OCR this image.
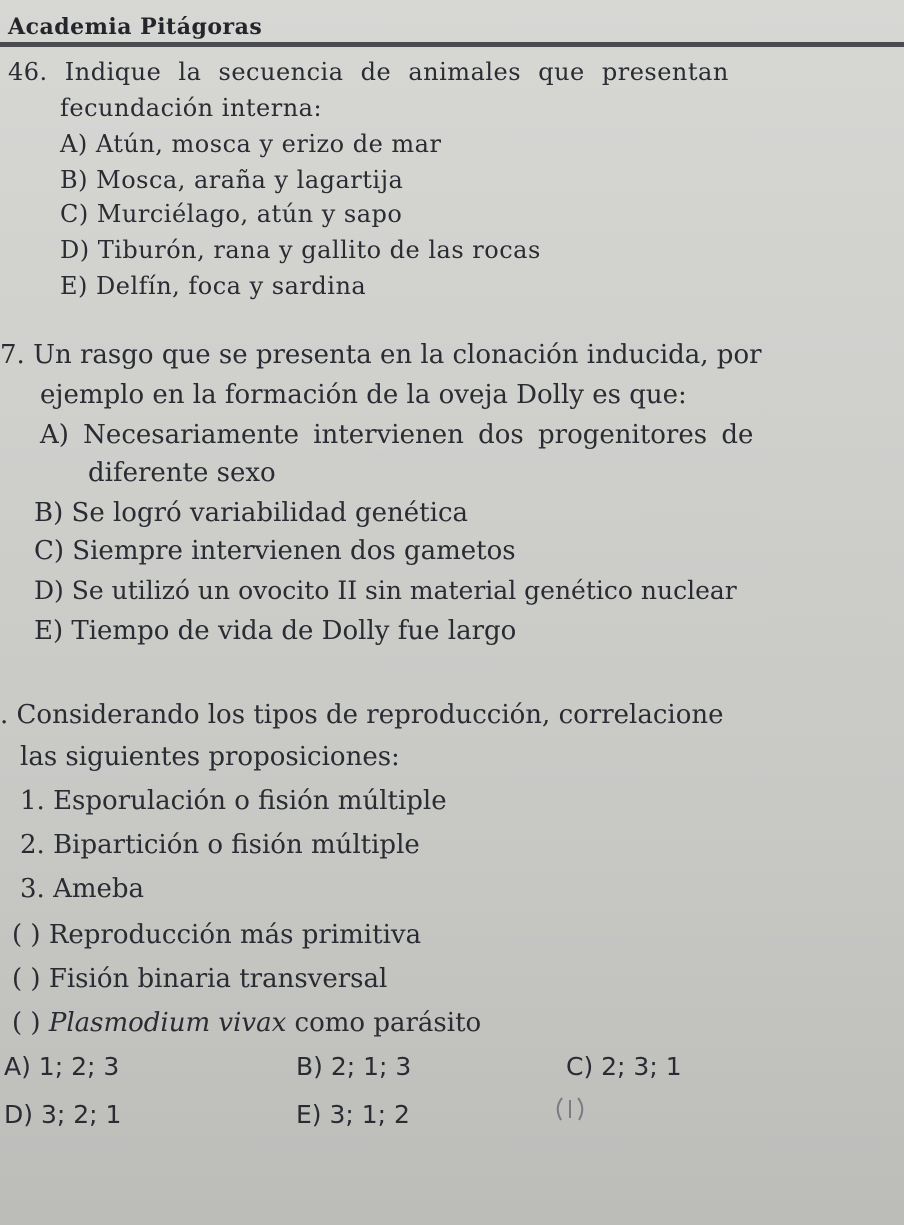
Academia Pitágoras
46. Indique la secuencia de animales que presentan
fecundación interna:
A) Atún, mosca y erizo de mar
B) Mosca, araña y lagartija
C) Murciélago, atún y sapo
D) Tiburón, rana y gallito de las rocas
E) Delfín, foca y sardina
7. Un rasgo que se presenta en la clonación inducida, por
ejemplo en la formación de la oveja Dolly es que:
A) Necesariamente intervienen dos progenitores de
diferente sexo
B) Se logró variabilidad genética
C) Siempre intervienen dos gametos
D) Se utilizó un ovocito II sin material genético nuclear
E) Tiempo de vida de Dolly fue largo
. Considerando los tipos de reproducción, correlacione
las siguientes proposiciones:
1. Esporulación o fisión múltiple
2. Bipartición o fisión múltiple
3. Ameba
( ) Reproducción más primitiva
( ) Fisión binaria transversal
( ) Plasmodium vivax como parásito
A) 1; 2; 3	B) 2; 1; 3	C) 2; 3; 1
D) 3; 2; 1	E) 3; 1; 2
